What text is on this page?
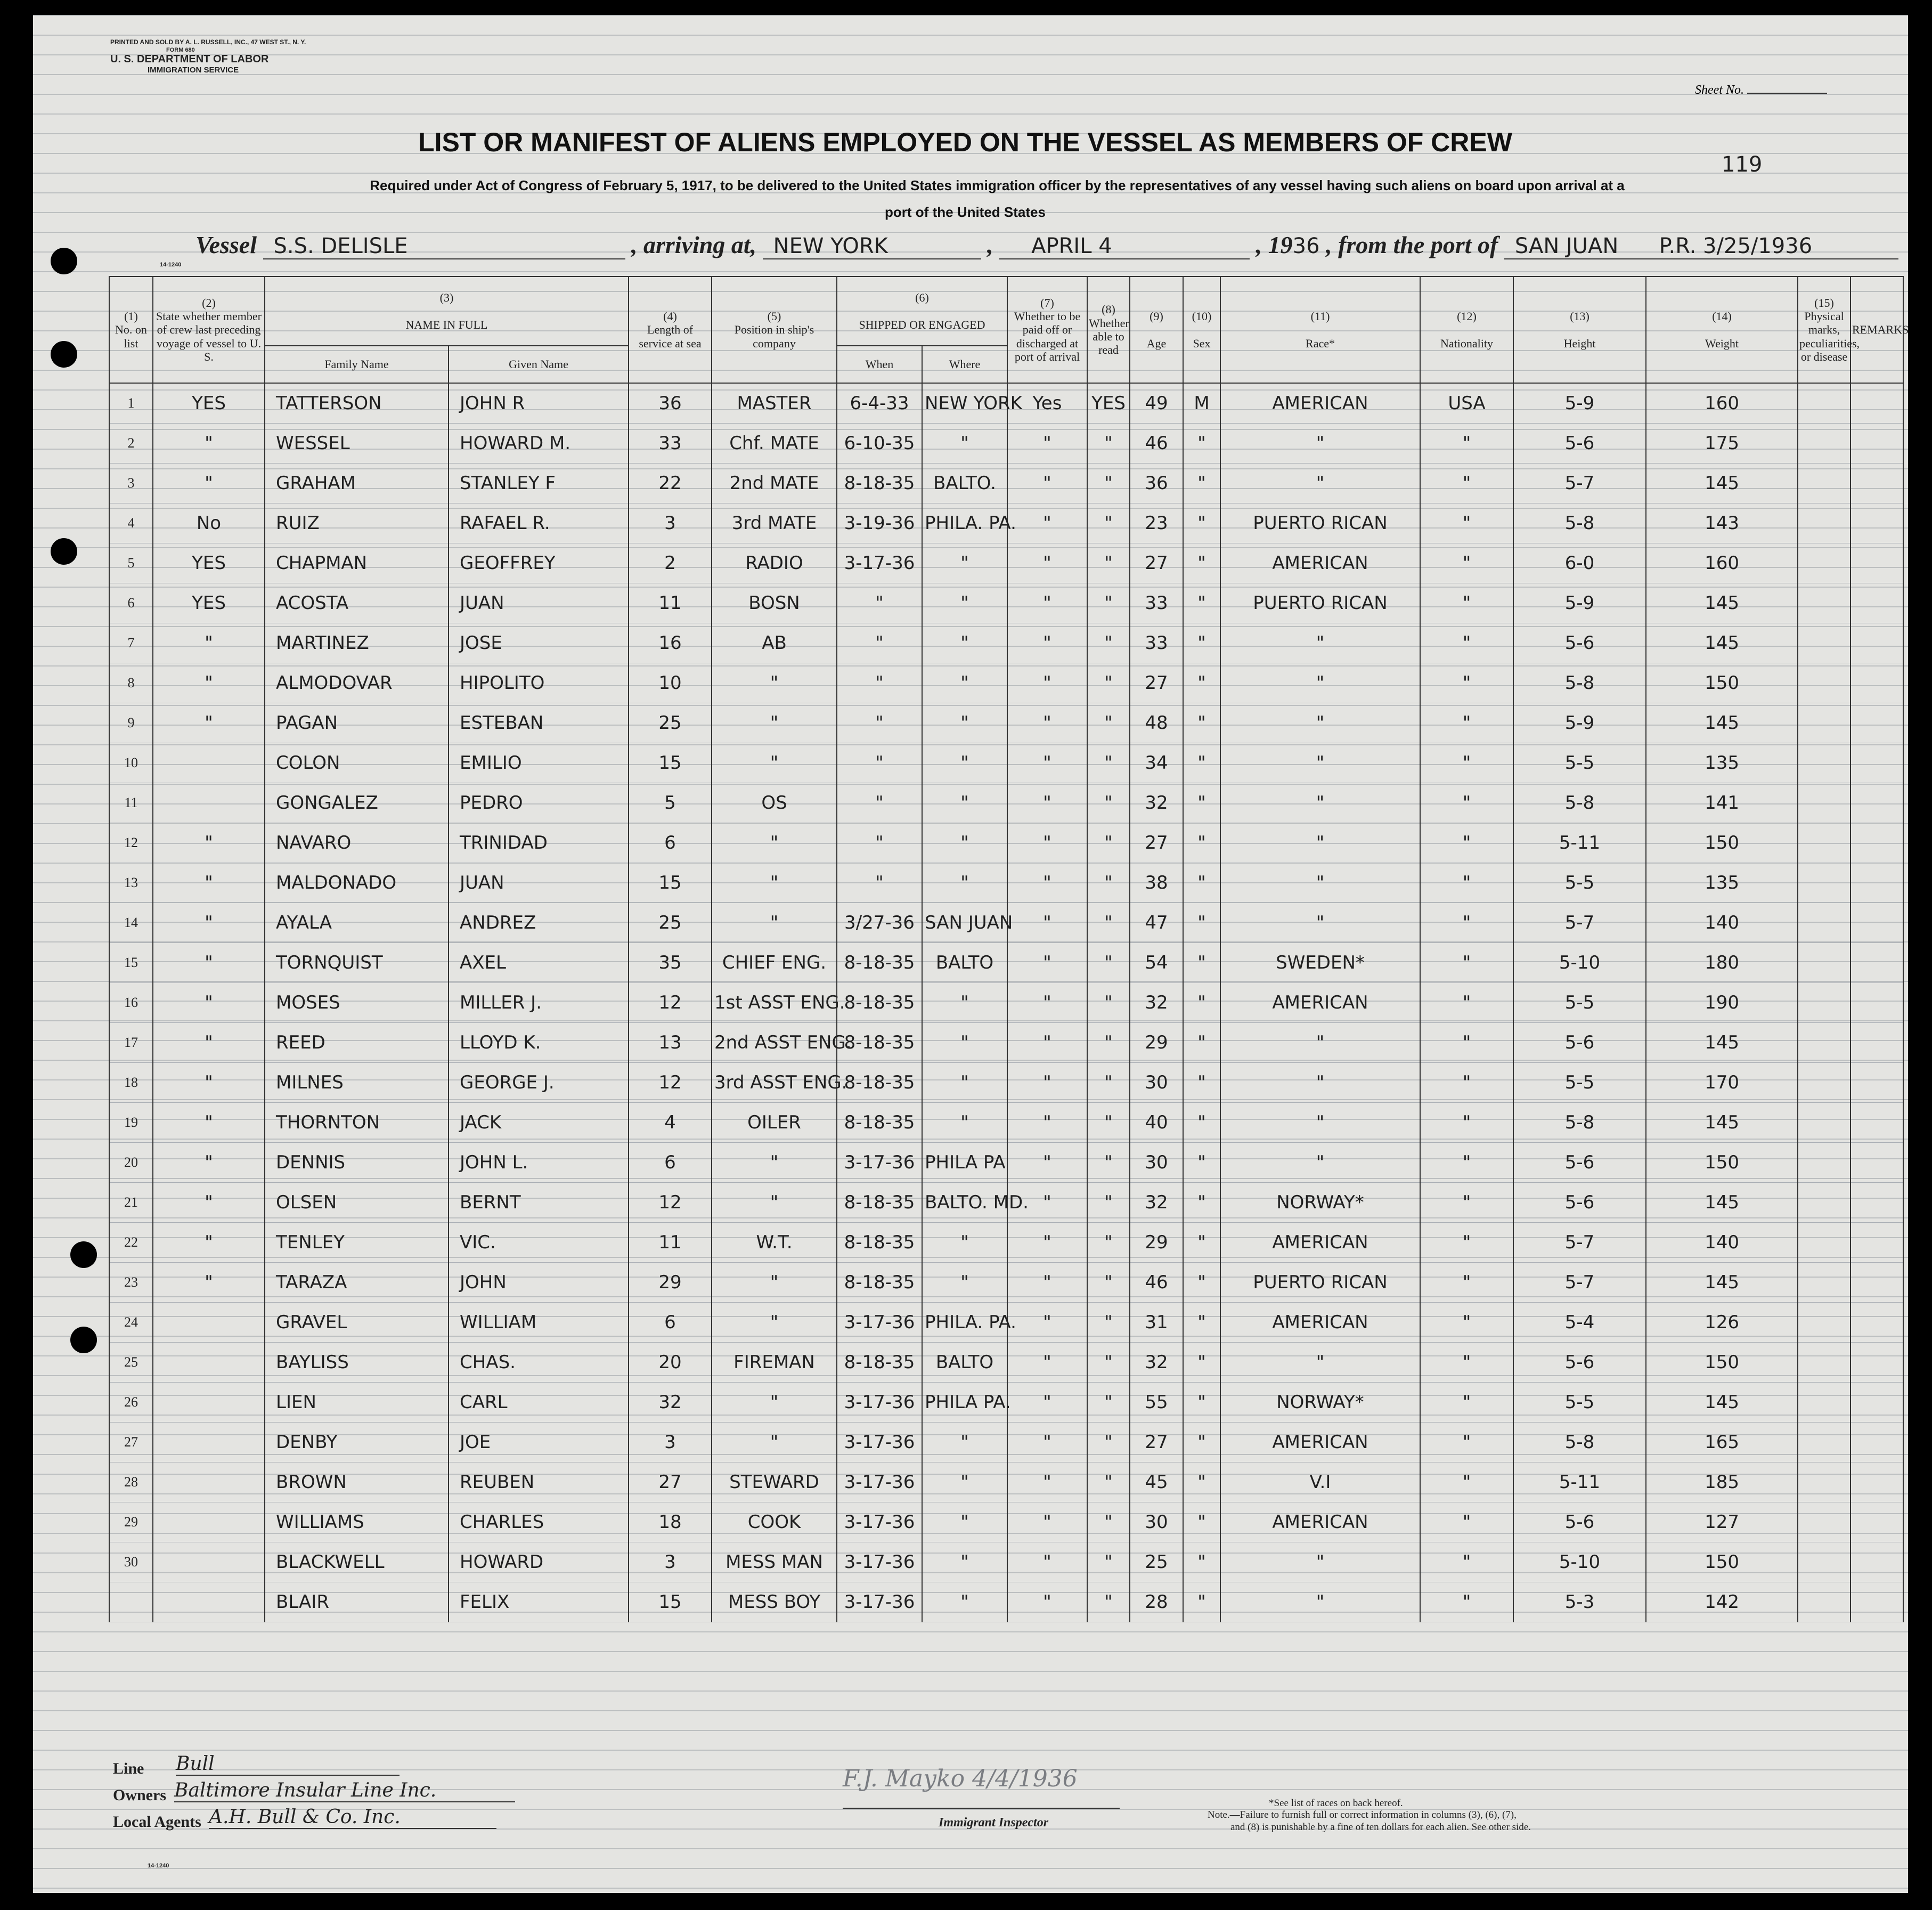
PRINTED AND SOLD BY A. L. RUSSELL, INC., 47 WEST ST., N. Y.
FORM 680
U. S. DEPARTMENT OF LABOR
IMMIGRATION SERVICE
Sheet No.
119
LIST OR MANIFEST OF ALIENS EMPLOYED ON THE VESSEL AS MEMBERS OF CREW
Required under Act of Congress of February 5, 1917, to be delivered to the United States immigration officer by the representatives of any vessel having such aliens on board upon arrival at a
port of the United States
Vessel S.S. DELISLE	, arriving at, NEW YORK	, APRIL 4	, 1936 , from the port of SAN JUAN P.R. 3/25/1936
14-1240
(1)
No. on list	(2)
State whether member of crew last preceding voyage of vessel to U. S.	(3)

NAME IN FULL		(4)
Length of service at sea	(5)
Position in ship's company	(6)

SHIPPED OR ENGAGED		(7)
Whether to be paid off or discharged at port of arrival	(8)
Whether able to read	(9)

Age	(10)

Sex	(11)

Race*	(12)

Nationality	(13)

Height	(14)

Weight	(15)
Physical marks, peculiarities, or disease	REMARKS
		Family Name	Given Name			When	Where										
1	YES	TATTERSON	JOHN R	36	MASTER	6-4-33	NEW YORK	Yes	YES	49	M	AMERICAN	USA	5-9	160		
2	"	WESSEL	HOWARD M.	33	Chf. MATE	6-10-35	"	"	"	46	"	"	"	5-6	175		
3	"	GRAHAM	STANLEY F	22	2nd MATE	8-18-35	BALTO.	"	"	36	"	"	"	5-7	145		
4	No	RUIZ	RAFAEL R.	3	3rd MATE	3-19-36	PHILA. PA.	"	"	23	"	PUERTO RICAN	"	5-8	143		
5	YES	CHAPMAN	GEOFFREY	2	RADIO	3-17-36	"	"	"	27	"	AMERICAN	"	6-0	160		
6	YES	ACOSTA	JUAN	11	BOSN	"	"	"	"	33	"	PUERTO RICAN	"	5-9	145		
7	"	MARTINEZ	JOSE	16	AB	"	"	"	"	33	"	"	"	5-6	145		
8	"	ALMODOVAR	HIPOLITO	10	"	"	"	"	"	27	"	"	"	5-8	150		
9	"	PAGAN	ESTEBAN	25	"	"	"	"	"	48	"	"	"	5-9	145		
10		COLON	EMILIO	15	"	"	"	"	"	34	"	"	"	5-5	135		
11		GONGALEZ	PEDRO	5	OS	"	"	"	"	32	"	"	"	5-8	141		
12	"	NAVARO	TRINIDAD	6	"	"	"	"	"	27	"	"	"	5-11	150		
13	"	MALDONADO	JUAN	15	"	"	"	"	"	38	"	"	"	5-5	135		
14	"	AYALA	ANDREZ	25	"	3/27-36	SAN JUAN	"	"	47	"	"	"	5-7	140		
15	"	TORNQUIST	AXEL	35	CHIEF ENG.	8-18-35	BALTO	"	"	54	"	SWEDEN*	"	5-10	180		
16	"	MOSES	MILLER J.	12	1st ASST ENG.	8-18-35	"	"	"	32	"	AMERICAN	"	5-5	190		
17	"	REED	LLOYD K.	13	2nd ASST ENG.	8-18-35	"	"	"	29	"	"	"	5-6	145		
18	"	MILNES	GEORGE J.	12	3rd ASST ENG.	8-18-35	"	"	"	30	"	"	"	5-5	170		
19	"	THORNTON	JACK	4	OILER	8-18-35	"	"	"	40	"	"	"	5-8	145		
20	"	DENNIS	JOHN L.	6	"	3-17-36	PHILA PA	"	"	30	"	"	"	5-6	150		
21	"	OLSEN	BERNT	12	"	8-18-35	BALTO. MD.	"	"	32	"	NORWAY*	"	5-6	145		
22	"	TENLEY	VIC.	11	W.T.	8-18-35	"	"	"	29	"	AMERICAN	"	5-7	140		
23	"	TARAZA	JOHN	29	"	8-18-35	"	"	"	46	"	PUERTO RICAN	"	5-7	145		
24		GRAVEL	WILLIAM	6	"	3-17-36	PHILA. PA.	"	"	31	"	AMERICAN	"	5-4	126		
25		BAYLISS	CHAS.	20	FIREMAN	8-18-35	BALTO	"	"	32	"	"	"	5-6	150		
26		LIEN	CARL	32	"	3-17-36	PHILA PA.	"	"	55	"	NORWAY*	"	5-5	145		
27		DENBY	JOE	3	"	3-17-36	"	"	"	27	"	AMERICAN	"	5-8	165		
28		BROWN	REUBEN	27	STEWARD	3-17-36	"	"	"	45	"	V.I	"	5-11	185		
29		WILLIAMS	CHARLES	18	COOK	3-17-36	"	"	"	30	"	AMERICAN	"	5-6	127		
30		BLACKWELL	HOWARD	3	MESS MAN	3-17-36	"	"	"	25	"	"	"	5-10	150		
		BLAIR	FELIX	15	MESS BOY	3-17-36	"	"	"	28	"	"	"	5-3	142		
Line Bull
Owners Baltimore Insular Line Inc.
Local Agents A.H. Bull & Co. Inc.
14-1240
F.J. Mayko 4/4/1936
Immigrant Inspector
*See list of races on back hereof.
Note.—Failure to furnish full or correct information in columns (3), (6), (7),
and (8) is punishable by a fine of ten dollars for each alien. See other side.
